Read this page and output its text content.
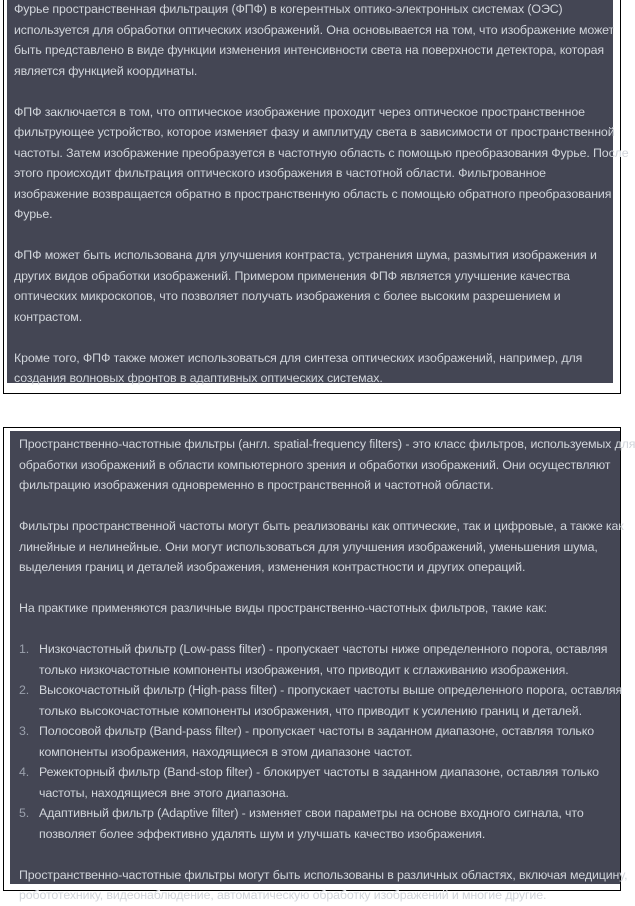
Фурье пространственная фильтрация (ФПФ) в когерентных оптико-электронных системах (ОЭС)
используется для обработки оптических изображений. Она основывается на том, что изображение может
быть представлено в виде функции изменения интенсивности света на поверхности детектора, которая
является функцией координаты.

ФПФ заключается в том, что оптическое изображение проходит через оптическое пространственное
фильтрующее устройство, которое изменяет фазу и амплитуду света в зависимости от пространственной
частоты. Затем изображение преобразуется в частотную область с помощью преобразования Фурье. После
этого происходит фильтрация оптического изображения в частотной области. Фильтрованное
изображение возвращается обратно в пространственную область с помощью обратного преобразования
Фурье.

ФПФ может быть использована для улучшения контраста, устранения шума, размытия изображения и
других видов обработки изображений. Примером применения ФПФ является улучшение качества
оптических микроскопов, что позволяет получать изображения с более высоким разрешением и
контрастом.

Кроме того, ФПФ также может использоваться для синтеза оптических изображений, например, для
создания волновых фронтов в адаптивных оптических системах.

Пространственно-частотные фильтры (англ. spatial-frequency filters) - это класс фильтров, используемых для
обработки изображений в области компьютерного зрения и обработки изображений. Они осуществляют
фильтрацию изображения одновременно в пространственной и частотной области.

Фильтры пространственной частоты могут быть реализованы как оптические, так и цифровые, а также как
линейные и нелинейные. Они могут использоваться для улучшения изображений, уменьшения шума,
выделения границ и деталей изображения, изменения контрастности и других операций.

На практике применяются различные виды пространственно-частотных фильтров, такие как:

1. Низкочастотный фильтр (Low-pass filter) - пропускает частоты ниже определенного порога, оставляя
только низкочастотные компоненты изображения, что приводит к сглаживанию изображения.
2. Высокочастотный фильтр (High-pass filter) - пропускает частоты выше определенного порога, оставляя
только высокочастотные компоненты изображения, что приводит к усилению границ и деталей.
3. Полосовой фильтр (Band-pass filter) - пропускает частоты в заданном диапазоне, оставляя только
компоненты изображения, находящиеся в этом диапазоне частот.
4. Режекторный фильтр (Band-stop filter) - блокирует частоты в заданном диапазоне, оставляя только
частоты, находящиеся вне этого диапазона.
5. Адаптивный фильтр (Adaptive filter) - изменяет свои параметры на основе входного сигнала, что
позволяет более эффективно удалять шум и улучшать качество изображения.

Пространственно-частотные фильтры могут быть использованы в различных областях, включая медицину,
робототехнику, видеонаблюдение, автоматическую обработку изображений и многие другие.
